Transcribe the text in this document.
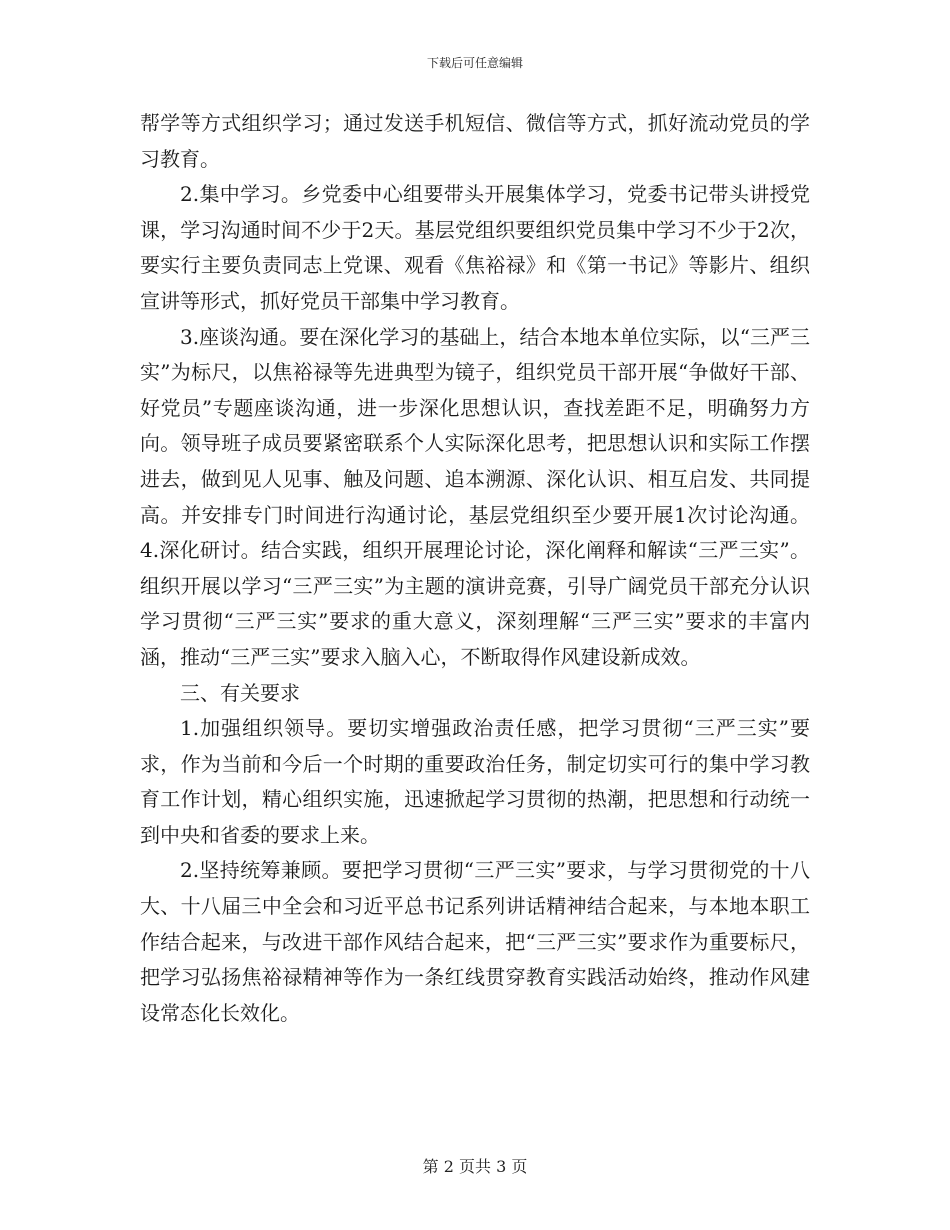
下载后可任意编辑

帮学等方式组织学习；通过发送手机短信、微信等方式，抓好流动党员的学习教育。

2.集中学习。乡党委中心组要带头开展集体学习，党委书记带头讲授党课，学习沟通时间不少于2天。基层党组织要组织党员集中学习不少于2次，要实行主要负责同志上党课、观看《焦裕禄》和《第一书记》等影片、组织宣讲等形式，抓好党员干部集中学习教育。

3.座谈沟通。要在深化学习的基础上，结合本地本单位实际，以“三严三实”为标尺，以焦裕禄等先进典型为镜子，组织党员干部开展“争做好干部、好党员”专题座谈沟通，进一步深化思想认识，查找差距不足，明确努力方向。领导班子成员要紧密联系个人实际深化思考，把思想认识和实际工作摆进去，做到见人见事、触及问题、追本溯源、深化认识、相互启发、共同提高。并安排专门时间进行沟通讨论，基层党组织至少要开展1次讨论沟通。4.深化研讨。结合实践，组织开展理论讨论，深化阐释和解读“三严三实”。组织开展以学习“三严三实”为主题的演讲竞赛，引导广阔党员干部充分认识学习贯彻“三严三实”要求的重大意义，深刻理解“三严三实”要求的丰富内涵，推动“三严三实”要求入脑入心，不断取得作风建设新成效。

三、有关要求

1.加强组织领导。要切实增强政治责任感，把学习贯彻“三严三实”要求，作为当前和今后一个时期的重要政治任务，制定切实可行的集中学习教育工作计划，精心组织实施，迅速掀起学习贯彻的热潮，把思想和行动统一到中央和省委的要求上来。

2.坚持统筹兼顾。要把学习贯彻“三严三实”要求，与学习贯彻党的十八大、十八届三中全会和习近平总书记系列讲话精神结合起来，与本地本职工作结合起来，与改进干部作风结合起来，把“三严三实”要求作为重要标尺，把学习弘扬焦裕禄精神等作为一条红线贯穿教育实践活动始终，推动作风建设常态化长效化。

第 2 页共 3 页
